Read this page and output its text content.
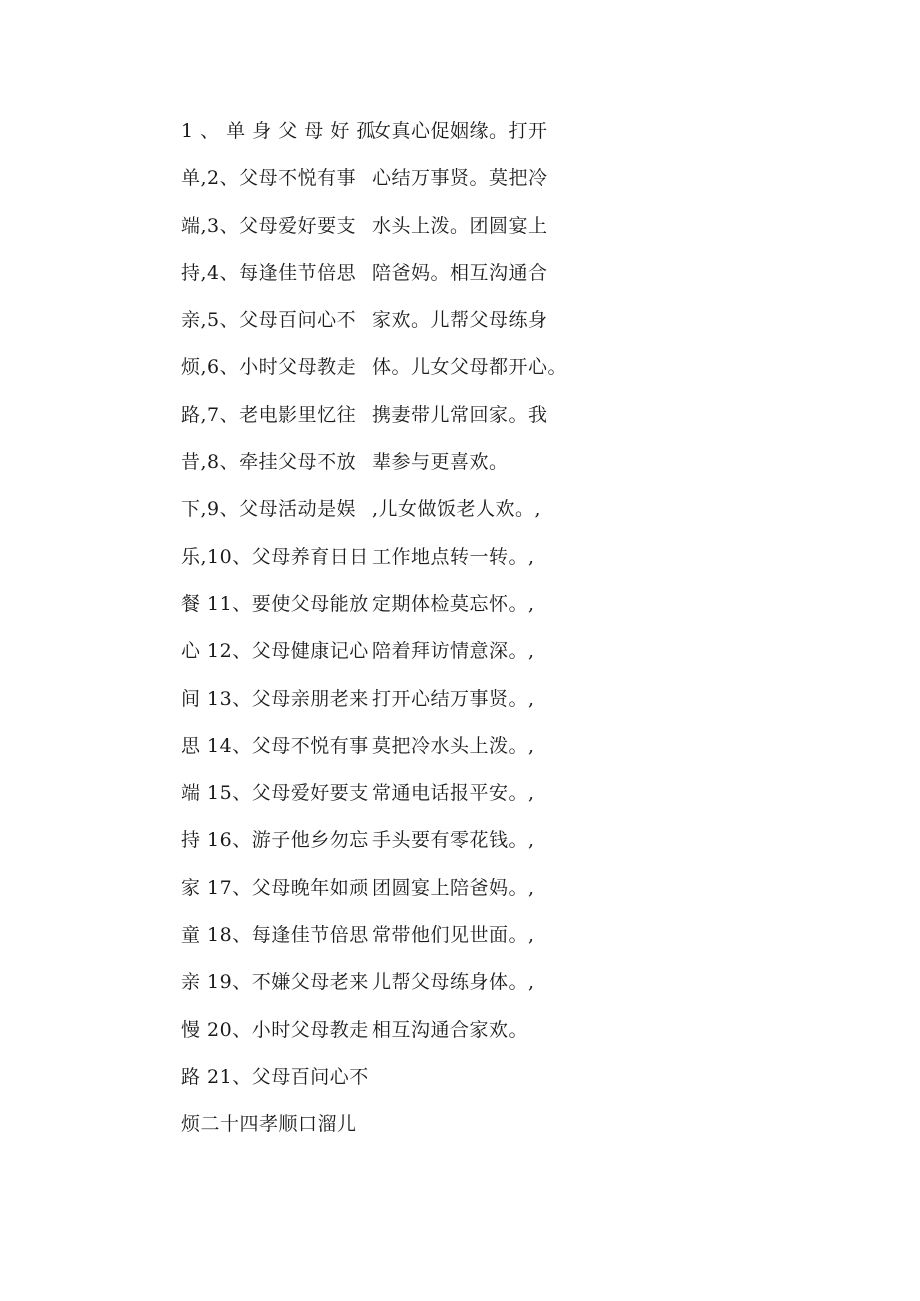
1 、 单 身 父 母 好 孤
单,2、父母不悦有事
端,3、父母爱好要支
持,4、每逢佳节倍思
亲,5、父母百问心不
烦,6、小时父母教走
路,7、老电影里忆往
昔,8、牵挂父母不放
下,9、父母活动是娱
乐,10、父母养育日日
餐 11、要使父母能放
心 12、父母健康记心
间 13、父母亲朋老来
思 14、父母不悦有事
端 15、父母爱好要支
持 16、游子他乡勿忘
家 17、父母晚年如顽
童 18、每逢佳节倍思
亲 19、不嫌父母老来
慢 20、小时父母教走
路 21、父母百问心不
烦二十四孝顺口溜儿
女真心促姻缘。打开
心结万事贤。莫把冷
水头上泼。团圆宴上
陪爸妈。相互沟通合
家欢。儿帮父母练身
体。儿女父母都开心。
携妻带儿常回家。我
辈参与更喜欢。
,儿女做饭老人欢。,
工作地点转一转。,
定期体检莫忘怀。,
陪着拜访情意深。,
打开心结万事贤。,
莫把冷水头上泼。,
常通电话报平安。,
手头要有零花钱。,
团圆宴上陪爸妈。,
常带他们见世面。,
儿帮父母练身体。,
相互沟通合家欢。
